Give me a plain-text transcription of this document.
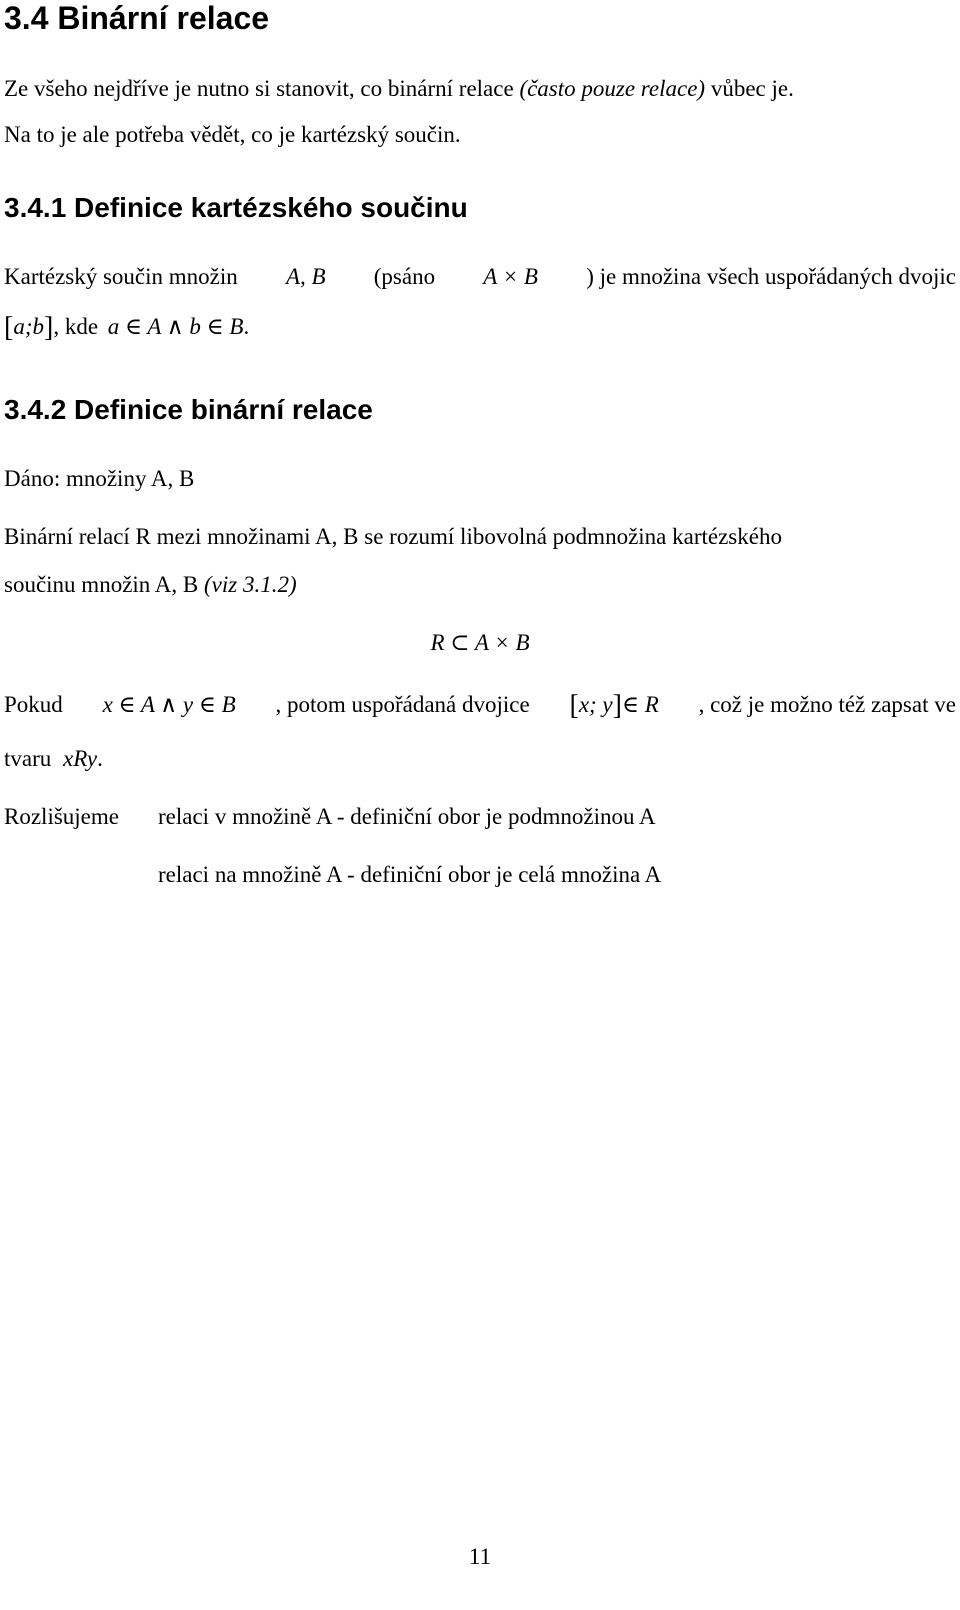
3.4 Binární relace
Ze všeho nejdříve je nutno si stanovit, co binární relace (často pouze relace) vůbec je.
Na to je ale potřeba vědět, co je kartézský součin.
3.4.1 Definice kartézského součinu
Kartézský součin množin A, B (psáno A × B ) je množina všech uspořádaných dvojic
[a;b], kde a ∈ A ∧ b ∈ B.
3.4.2 Definice binární relace
Dáno: množiny A, B
Binární relací R mezi množinami A, B se rozumí libovolná podmnožina kartézského
součinu množin A, B (viz 3.1.2)
R ⊂ A × B
Pokud x ∈ A ∧ y ∈ B , potom uspořádaná dvojice [x; y]∈ R , což je možno též zapsat ve
tvaru xRy.
Rozlišujeme relaci v množině A - definiční obor je podmnožinou A
relaci na množině A - definiční obor je celá množina A
11
